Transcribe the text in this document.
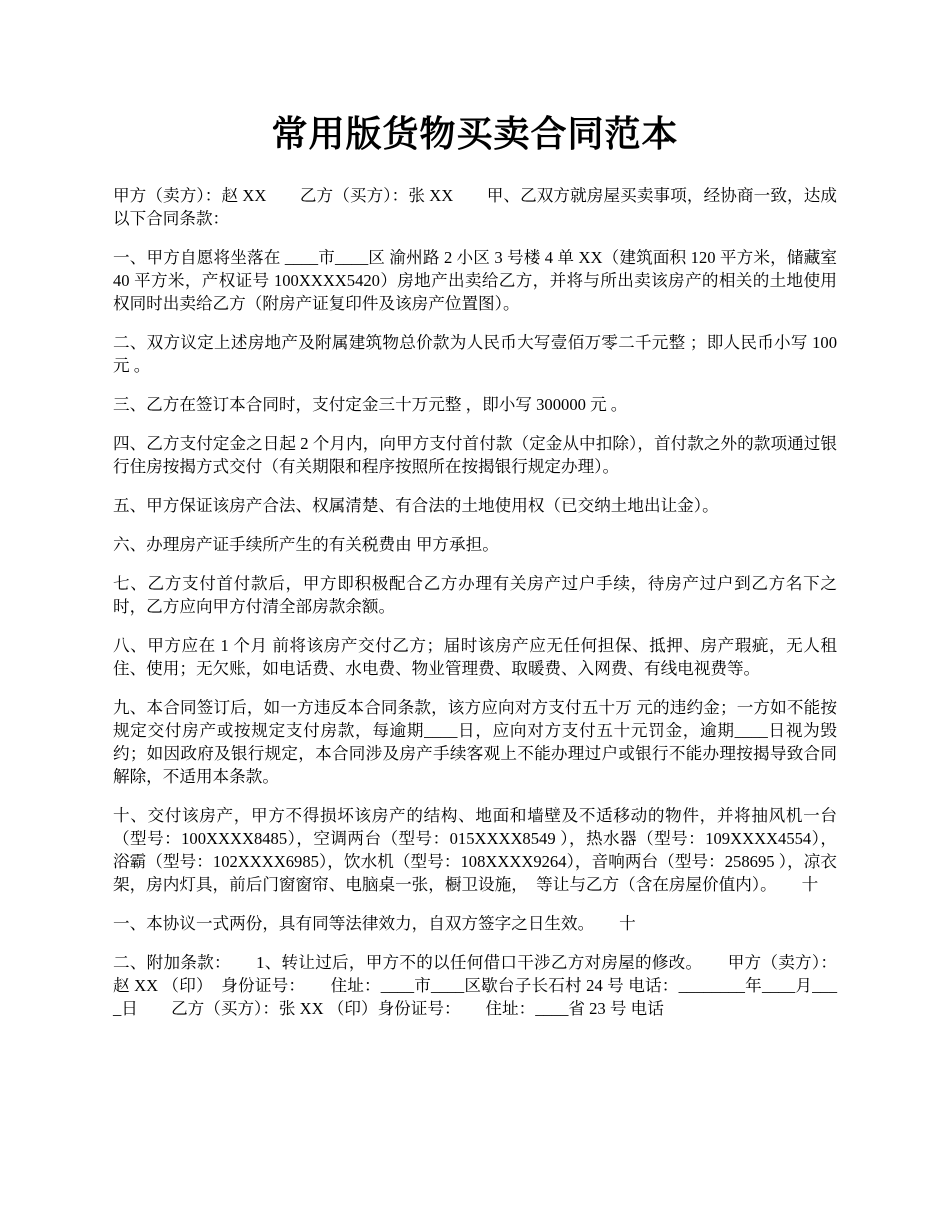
常用版货物买卖合同范本

甲方（卖方）：赵 XX　　乙方（买方）：张 XX　　甲、乙双方就房屋买卖事项，经协商一致，达成以下合同条款：

一、甲方自愿将坐落在 ____市____区 渝州路 2 小区 3 号楼 4 单 XX（建筑面积 120 平方米，储藏室 40 平方米，产权证号 100XXXX5420）房地产出卖给乙方，并将与所出卖该房产的相关的土地使用权同时出卖给乙方（附房产证复印件及该房产位置图）。

二、双方议定上述房地产及附属建筑物总价款为人民币大写壹佰万零二千元整 ；即人民币小写 100 元 。

三、乙方在签订本合同时，支付定金三十万元整 ，即小写 300000 元 。

四、乙方支付定金之日起 2 个月内，向甲方支付首付款（定金从中扣除），首付款之外的款项通过银行住房按揭方式交付（有关期限和程序按照所在按揭银行规定办理）。

五、甲方保证该房产合法、权属清楚、有合法的土地使用权（已交纳土地出让金）。

六、办理房产证手续所产生的有关税费由 甲方承担。

七、乙方支付首付款后，甲方即积极配合乙方办理有关房产过户手续，待房产过户到乙方名下之时，乙方应向甲方付清全部房款余额。

八、甲方应在 1 个月 前将该房产交付乙方；届时该房产应无任何担保、抵押、房产瑕疵，无人租住、使用；无欠账，如电话费、水电费、物业管理费、取暖费、入网费、有线电视费等。

九、本合同签订后，如一方违反本合同条款，该方应向对方支付五十万 元的违约金；一方如不能按规定交付房产或按规定支付房款，每逾期____日，应向对方支付五十元罚金，逾期____日视为毁约；如因政府及银行规定，本合同涉及房产手续客观上不能办理过户或银行不能办理按揭导致合同解除，不适用本条款。

十、交付该房产，甲方不得损坏该房产的结构、地面和墙壁及不适移动的物件，并将抽风机一台（型号：100XXXX8485），空调两台（型号：015XXXX8549 ），热水器（型号：109XXXX4554），浴霸（型号：102XXXX6985），饮水机（型号：108XXXX9264），音响两台（型号：258695 ），凉衣架，房内灯具，前后门窗窗帘、电脑桌一张，橱卫设施，　等让与乙方（含在房屋价值内）。　　十

一、本协议一式两份，具有同等法律效力，自双方签字之日生效。　　十

二、附加条款：　　1、转让过后，甲方不的以任何借口干涉乙方对房屋的修改。　　甲方（卖方）：赵 XX （印）　身份证号：　　住址：____市____区歇台子长石村 24 号 电话：________年____月____日　　乙方（买方）：张 XX （印）身份证号：　　住址：____省 23 号 电话
